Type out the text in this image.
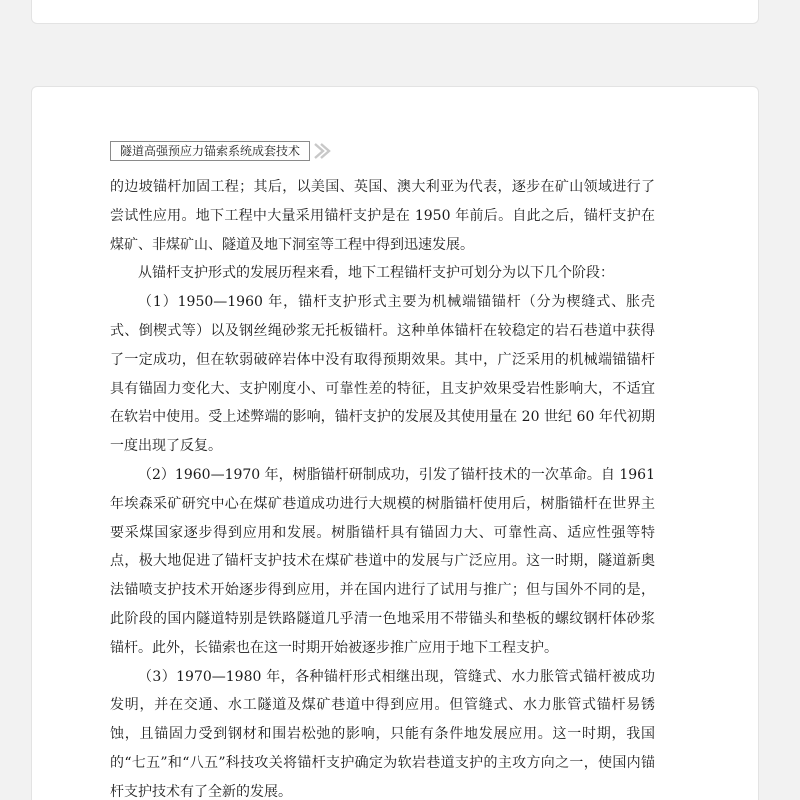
隧道高强预应力锚索系统成套技术

的边坡锚杆加固工程；其后，以美国、英国、澳大利亚为代表，逐步在矿山领域进行了尝试性应用。地下工程中大量采用锚杆支护是在 1950 年前后。自此之后，锚杆支护在煤矿、非煤矿山、隧道及地下洞室等工程中得到迅速发展。

从锚杆支护形式的发展历程来看，地下工程锚杆支护可划分为以下几个阶段：

（1）1950—1960 年，锚杆支护形式主要为机械端锚锚杆（分为楔缝式、胀壳式、倒楔式等）以及钢丝绳砂浆无托板锚杆。这种单体锚杆在较稳定的岩石巷道中获得了一定成功，但在软弱破碎岩体中没有取得预期效果。其中，广泛采用的机械端锚锚杆具有锚固力变化大、支护刚度小、可靠性差的特征，且支护效果受岩性影响大，不适宜在软岩中使用。受上述弊端的影响，锚杆支护的发展及其使用量在 20 世纪 60 年代初期一度出现了反复。

（2）1960—1970 年，树脂锚杆研制成功，引发了锚杆技术的一次革命。自 1961 年埃森采矿研究中心在煤矿巷道成功进行大规模的树脂锚杆使用后，树脂锚杆在世界主要采煤国家逐步得到应用和发展。树脂锚杆具有锚固力大、可靠性高、适应性强等特点，极大地促进了锚杆支护技术在煤矿巷道中的发展与广泛应用。这一时期，隧道新奥法锚喷支护技术开始逐步得到应用，并在国内进行了试用与推广；但与国外不同的是，此阶段的国内隧道特别是铁路隧道几乎清一色地采用不带锚头和垫板的螺纹钢杆体砂浆锚杆。此外，长锚索也在这一时期开始被逐步推广应用于地下工程支护。

（3）1970—1980 年，各种锚杆形式相继出现，管缝式、水力胀管式锚杆被成功发明，并在交通、水工隧道及煤矿巷道中得到应用。但管缝式、水力胀管式锚杆易锈蚀，且锚固力受到钢材和围岩松弛的影响，只能有条件地发展应用。这一时期，我国的“七五”和“八五”科技攻关将锚杆支护确定为软岩巷道支护的主攻方向之一，使国内锚杆支护技术有了全新的发展。
